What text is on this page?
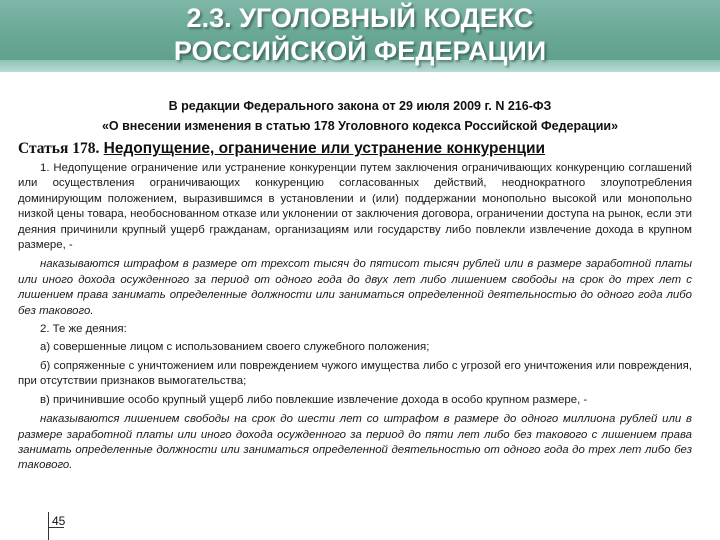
2.3. УГОЛОВНЫЙ КОДЕКС
РОССИЙСКОЙ ФЕДЕРАЦИИ
В редакции Федерального закона от 29 июля 2009 г. N 216-ФЗ
«О внесении изменения в статью 178 Уголовного кодекса Российской Федерации»
Статья 178. Недопущение, ограничение или устранение конкуренции

1. Недопущение ограничение или устранение конкуренции путем заключения ограничивающих конкуренцию соглашений или осуществления ограничивающих конкуренцию согласованных действий, неоднократного злоупотребления доминирующим положением, выразившимся в установлении и (или) поддержании монопольно высокой или монопольно низкой цены товара, необоснованном отказе или уклонении от заключения договора, ограничении доступа на рынок, если эти деяния причинили крупный ущерб гражданам, организациям или государству либо повлекли извлечение дохода в крупном размере, -

наказываются штрафом в размере от трехсот тысяч до пятисот тысяч рублей или в размере заработной платы или иного дохода осужденного за период от одного года до двух лет либо лишением свободы на срок до трех лет с лишением права занимать определенные должности или заниматься определенной деятельностью до одного года либо без такового.

2. Те же деяния:

а) совершенные лицом с использованием своего служебного положения;

б) сопряженные с уничтожением или повреждением чужого имущества либо с угрозой его уничтожения или повреждения, при отсутствии признаков вымогательства;

в) причинившие особо крупный ущерб либо повлекшие извлечение дохода в особо крупном размере, -

наказываются лишением свободы на срок до шести лет со штрафом в размере до одного миллиона рублей или в размере заработной платы или иного дохода осужденного за период до пяти лет либо без такового с лишением права занимать определенные должности или заниматься определенной деятельностью от одного года до трех лет либо без такового.

45
